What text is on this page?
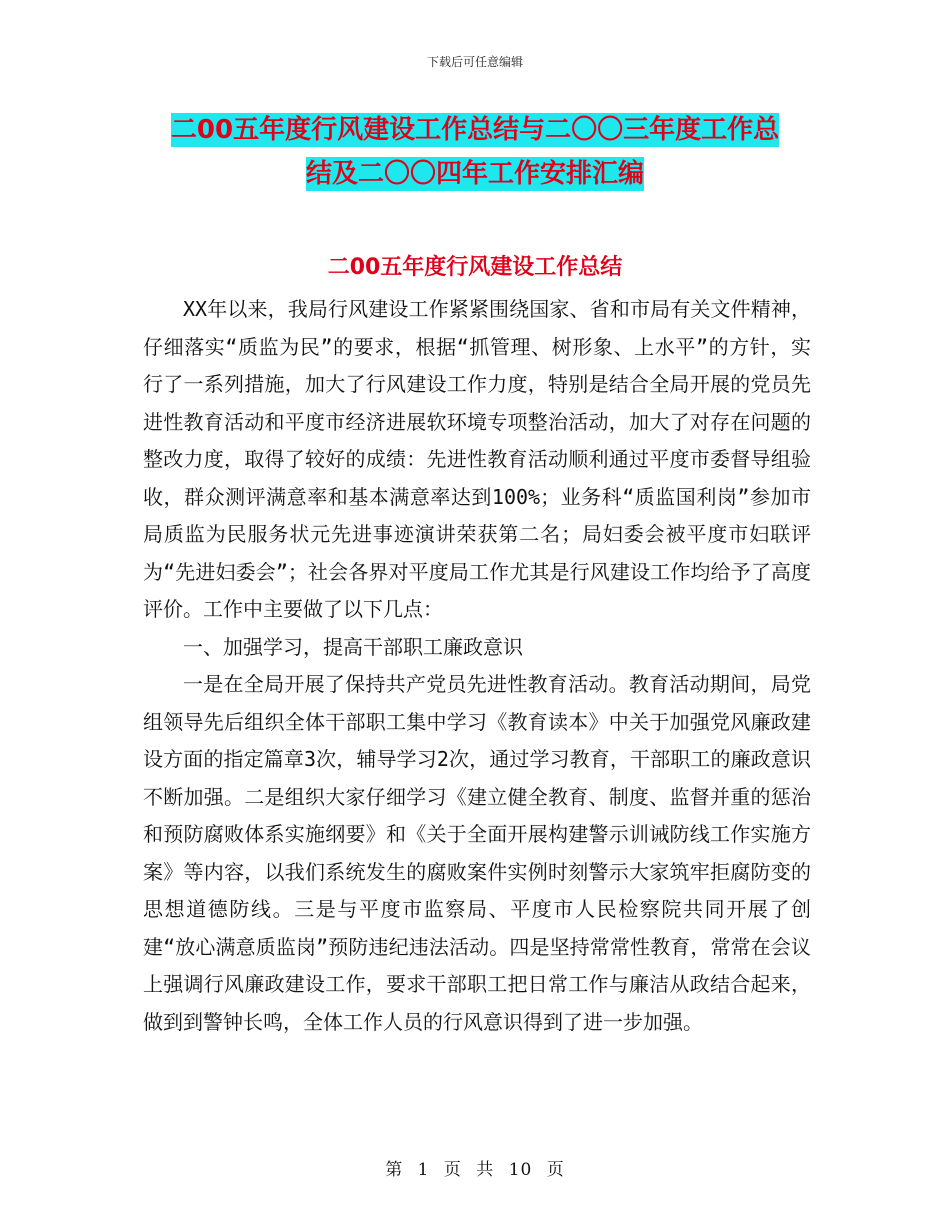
下载后可任意编辑
二00五年度行风建设工作总结与二〇〇三年度工作总
结及二〇〇四年工作安排汇编
二00五年度行风建设工作总结

XX年以来，我局行风建设工作紧紧围绕国家、省和市局有关文件精神，仔细落实“质监为民”的要求，根据“抓管理、树形象、上水平”的方针，实行了一系列措施，加大了行风建设工作力度，特别是结合全局开展的党员先进性教育活动和平度市经济进展软环境专项整治活动，加大了对存在问题的整改力度，取得了较好的成绩：先进性教育活动顺利通过平度市委督导组验收，群众测评满意率和基本满意率达到100%；业务科“质监国利岗”参加市局质监为民服务状元先进事迹演讲荣获第二名；局妇委会被平度市妇联评为“先进妇委会”；社会各界对平度局工作尤其是行风建设工作均给予了高度评价。工作中主要做了以下几点：

一、加强学习，提高干部职工廉政意识

一是在全局开展了保持共产党员先进性教育活动。教育活动期间，局党组领导先后组织全体干部职工集中学习《教育读本》中关于加强党风廉政建设方面的指定篇章3次，辅导学习2次，通过学习教育，干部职工的廉政意识不断加强。二是组织大家仔细学习《建立健全教育、制度、监督并重的惩治和预防腐败体系实施纲要》和《关于全面开展构建警示训诫防线工作实施方案》等内容，以我们系统发生的腐败案件实例时刻警示大家筑牢拒腐防变的思想道德防线。三是与平度市监察局、平度市人民检察院共同开展了创建“放心满意质监岗”预防违纪违法活动。四是坚持常常性教育，常常在会议上强调行风廉政建设工作，要求干部职工把日常工作与廉洁从政结合起来，做到到警钟长鸣，全体工作人员的行风意识得到了进一步加强。

第 1 页 共 10 页
